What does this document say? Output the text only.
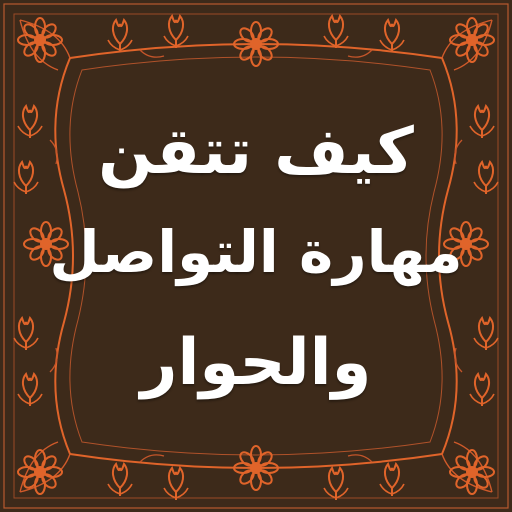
كيف تتقن
مهارة التواصل
والحوار
